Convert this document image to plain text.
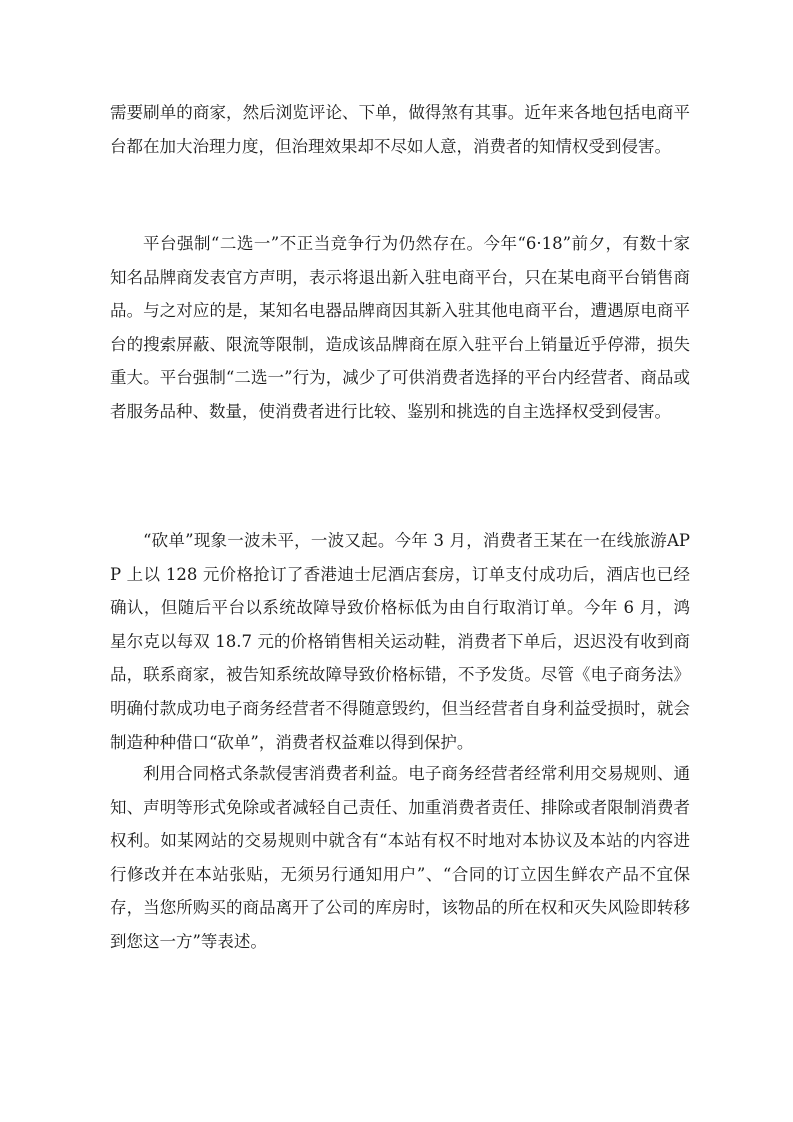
需要刷单的商家，然后浏览评论、下单，做得煞有其事。近年来各地包括电商平台都在加大治理力度，但治理效果却不尽如人意，消费者的知情权受到侵害。

平台强制“二选一”不正当竞争行为仍然存在。今年“6·18”前夕，有数十家知名品牌商发表官方声明，表示将退出新入驻电商平台，只在某电商平台销售商品。与之对应的是，某知名电器品牌商因其新入驻其他电商平台，遭遇原电商平台的搜索屏蔽、限流等限制，造成该品牌商在原入驻平台上销量近乎停滞，损失重大。平台强制“二选一”行为，减少了可供消费者选择的平台内经营者、商品或者服务品种、数量，使消费者进行比较、鉴别和挑选的自主选择权受到侵害。

“砍单”现象一波未平，一波又起。今年 3 月，消费者王某在一在线旅游APP 上以 128 元价格抢订了香港迪士尼酒店套房，订单支付成功后，酒店也已经确认，但随后平台以系统故障导致价格标低为由自行取消订单。今年 6 月，鸿星尔克以每双 18.7 元的价格销售相关运动鞋，消费者下单后，迟迟没有收到商品，联系商家，被告知系统故障导致价格标错，不予发货。尽管《电子商务法》明确付款成功电子商务经营者不得随意毁约，但当经营者自身利益受损时，就会制造种种借口“砍单”，消费者权益难以得到保护。

利用合同格式条款侵害消费者利益。电子商务经营者经常利用交易规则、通知、声明等形式免除或者减轻自己责任、加重消费者责任、排除或者限制消费者权利。如某网站的交易规则中就含有“本站有权不时地对本协议及本站的内容进行修改并在本站张贴，无须另行通知用户”、“合同的订立因生鲜农产品不宜保存，当您所购买的商品离开了公司的库房时，该物品的所在权和灭失风险即转移到您这一方”等表述。
